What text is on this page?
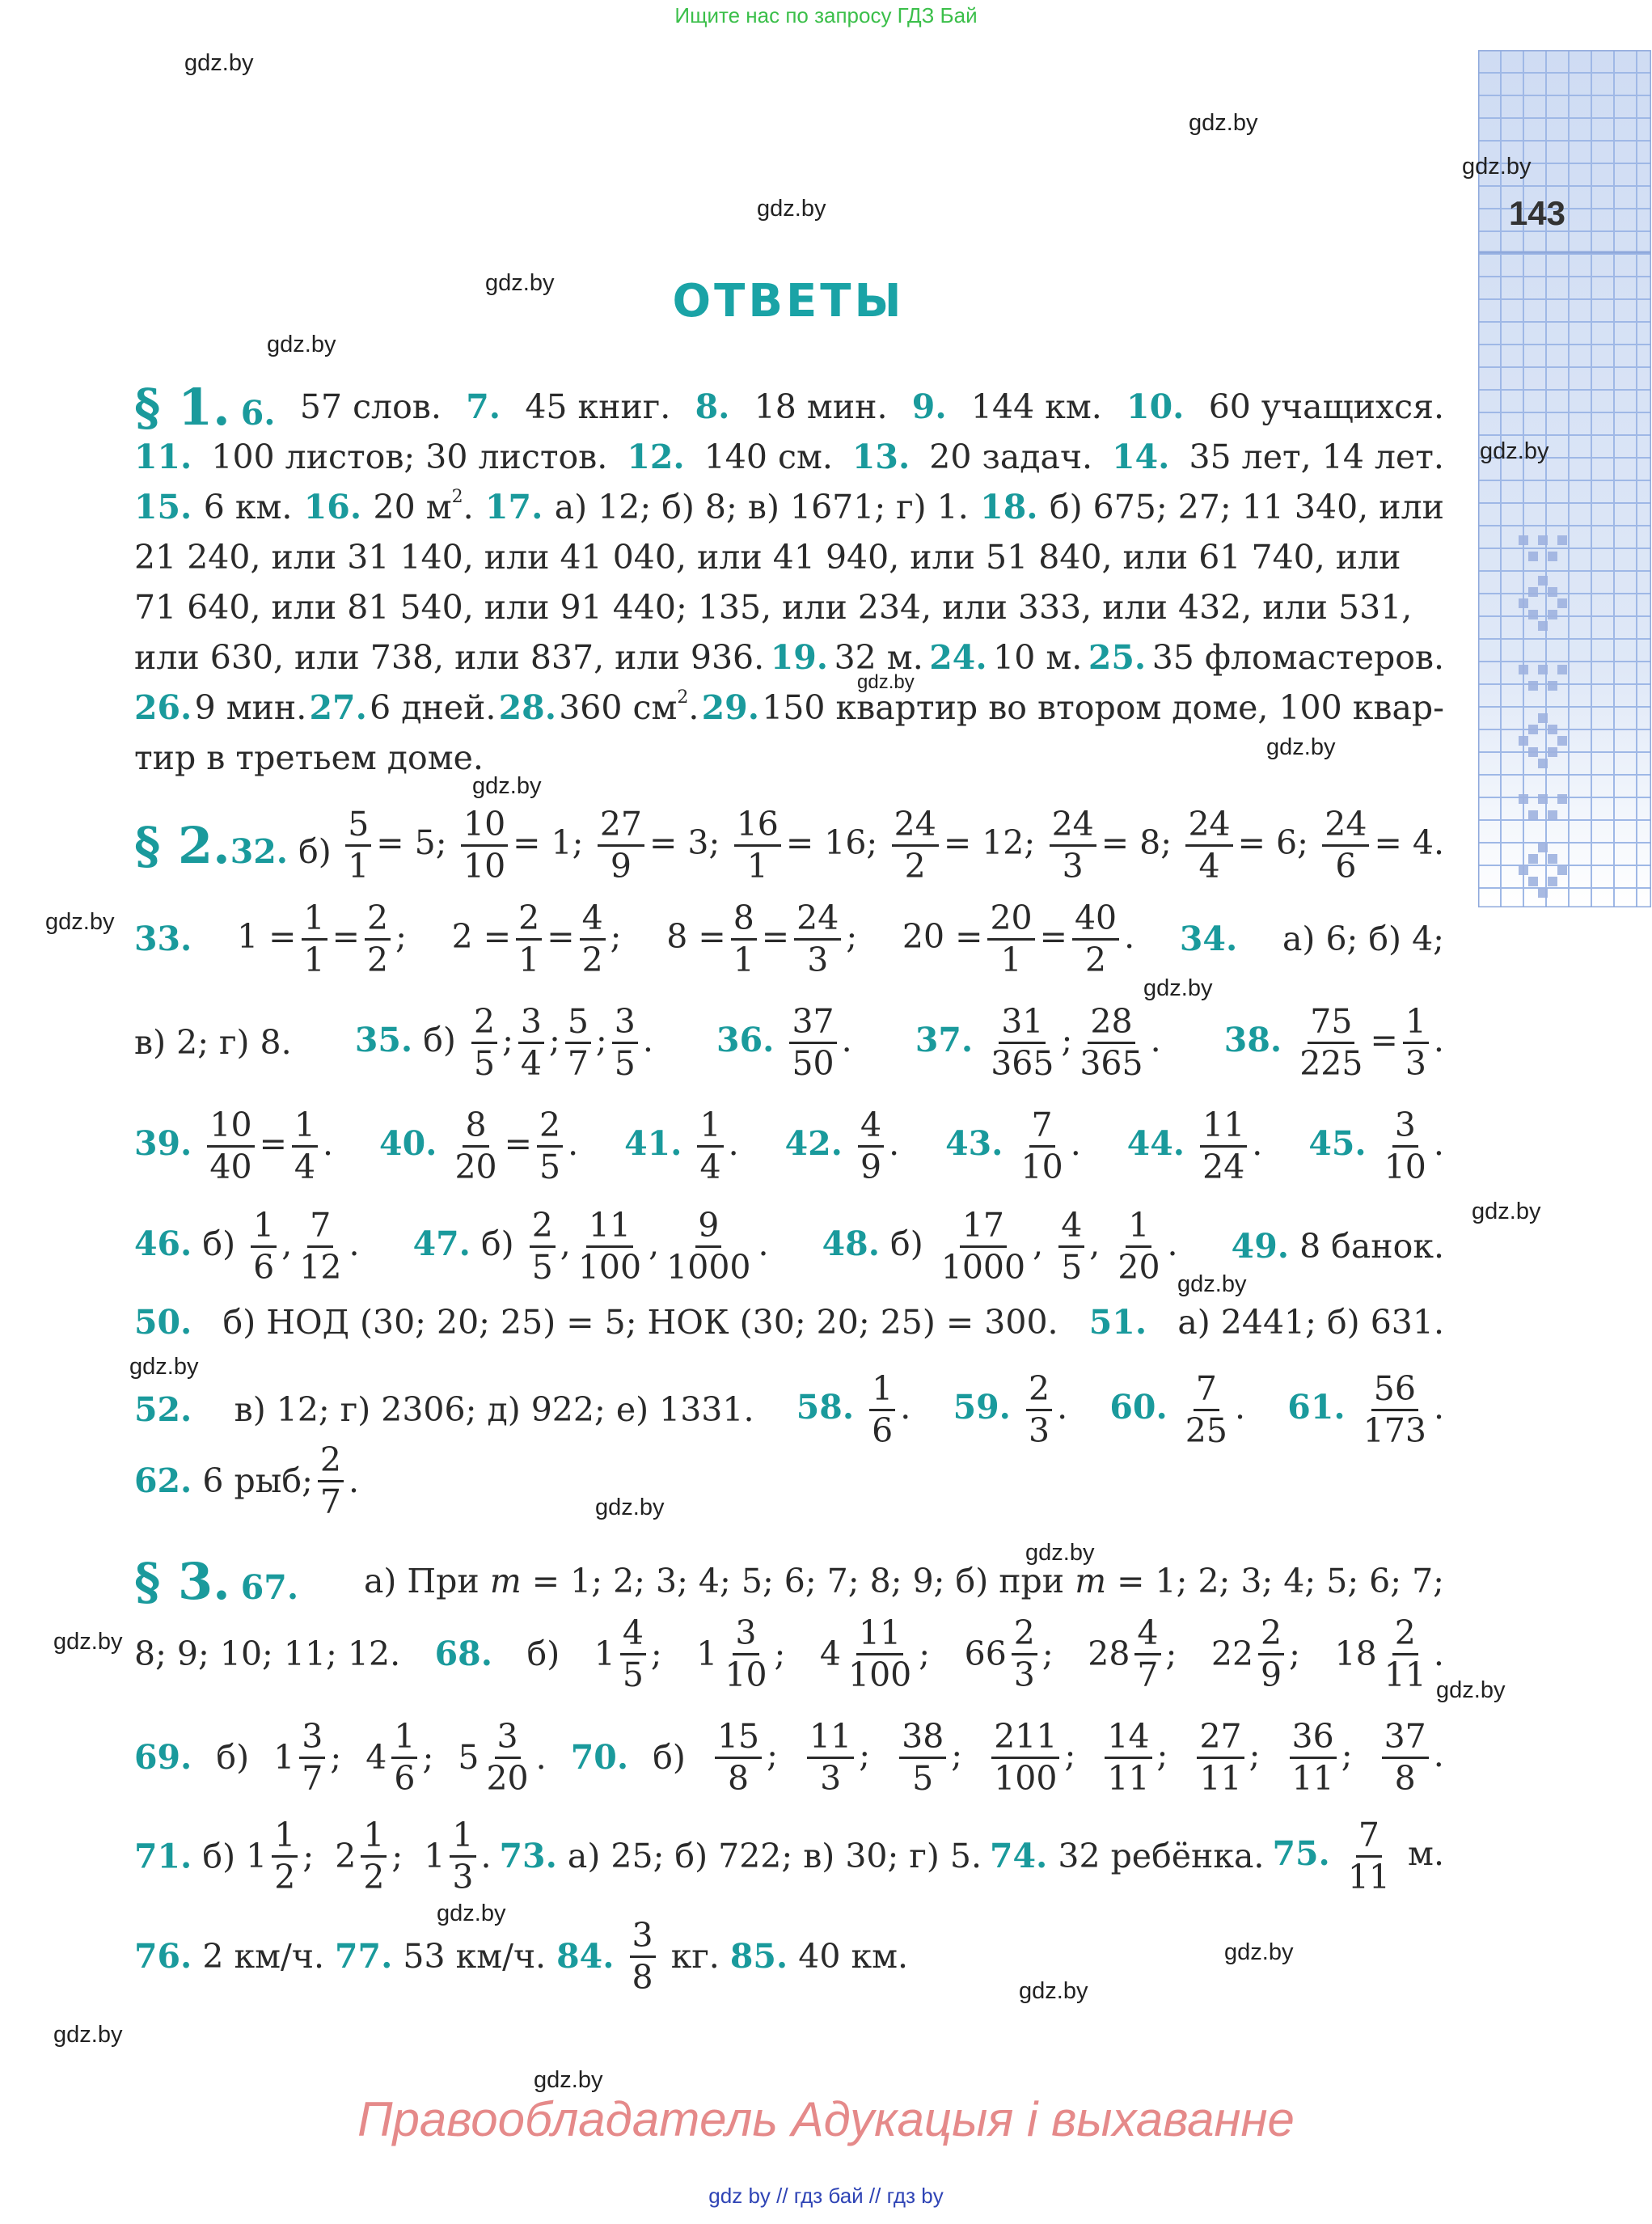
Ищите нас по запросу ГДЗ Бай
143
gdz.by
gdz.by
gdz.by
gdz.by
gdz.by
gdz.by
gdz.by
gdz.by
gdz.by
gdz.by
gdz.by
gdz.by
gdz.by
gdz.by
gdz.by
gdz.by
gdz.by
gdz.by
gdz.by
gdz.by
gdz.by
gdz.by
gdz.by
gdz.by
ОТВЕТЫ
§ 1. 6. 57 слов. 7. 45 книг. 8. 18 мин. 9. 144 км. 10. 60 учащихся.
11. 100 листов; 30 листов. 12. 140 см. 13. 20 задач. 14. 35 лет, 14 лет.
15. 6 км. 16. 20 $м^2$. 17. а) 12; б) 8; в) 1671; г) 1. 18. б) 675; 27; 11 340, или
21 240, или 31 140, или 41 040, или 41 940, или 51 840, или 61 740, или
71 640, или 81 540, или 91 440; 135, или 234, или 333, или 432, или 531,
или 630, или 738, или 837, или 936. 19. 32 м. 24. 10 м. 25. 35 фломастеров.
26. 9 мин. 27. 6 дней. 28. 360 $см^2$. 29. 150 квартир во втором доме, 100 квар-
тир в третьем доме.
§ 2.32. $б) \frac{5}{1} = 5$; $\frac{10}{10} = 1$; $\frac{27}{9} = 3$; $\frac{16}{1} = 16$; $\frac{24}{2} = 12$; $\frac{24}{3} = 8$; $\frac{24}{4} = 6$; $\frac{24}{6} = 4$.
33. $1 = \frac{1}{1} = \frac{2}{2}$ ; $2 = \frac{2}{1} = \frac{4}{2}$ ; $8 = \frac{8}{1} = \frac{24}{3}$ ; $20 = \frac{20}{1} = \frac{40}{2}$ . 34. а) 6; б) 4;
в) 2; г) 8. 35. $б) \frac{2}{5}$ ; $\frac{3}{4}$ ; $\frac{5}{7}$ ; $\frac{3}{5}$ . 36. $\frac{37}{50}$ . 37. $\frac{31}{365}$ ; $\frac{28}{365}$ . 38. $\frac{75}{225} = \frac{1}{3}$ .
39. $\frac{10}{40} = \frac{1}{4}$ . 40. $\frac{8}{20} = \frac{2}{5}$ . 41. $\frac{1}{4}$ . 42. $\frac{4}{9}$ . 43. $\frac{7}{10}$ . 44. $\frac{11}{24}$ . 45. $\frac{3}{10}$ .
46. $б) \frac{1}{6}$ , $\frac{7}{12}$ . 47. $б) \frac{2}{5}$ , $\frac{11}{100}$ , $\frac{9}{1000}$ . 48. $б) \frac{17}{1000}$ , $\frac{4}{5}$ , $\frac{1}{20}$ . 49. 8 банок.
50. б) НОД (30; 20; 25) = 5; НОК (30; 20; 25) = 300. 51. а) 2441; б) 631.
52. в) 12; г) 2306; д) 922; е) 1331. 58. $\frac{1}{6}$ . 59. $\frac{2}{3}$ . 60. $\frac{7}{25}$ . 61. $\frac{56}{173}$ .
62.
6 рыб; $\frac{2}{7}$ .
§ 3. 67. а) При m = 1; 2; 3; 4; 5; 6; 7; 8; 9; б) при m = 1; 2; 3; 4; 5; 6; 7;
8; 9; 10; 11; 12. 68. б) $1 \frac{4}{5}$ ; $1 \frac{3}{10}$ ; $4 \frac{11}{100}$ ; $66 \frac{2}{3}$ ; $28 \frac{4}{7}$ ; $22 \frac{2}{9}$ ; $18 \frac{2}{11}$ .
69. б) $1 \frac{3}{7}$ ; $4 \frac{1}{6}$ ; $5 \frac{3}{20}$ . 70. $б) \frac{15}{8}$ ; $\frac{11}{3}$ ; $\frac{38}{5}$ ; $\frac{211}{100}$ ; $\frac{14}{11}$ ; $\frac{27}{11}$ ; $\frac{36}{11}$ ; $\frac{37}{8}$ .
71. б) $1 \frac{1}{2}$ ; $2 \frac{1}{2}$ ; $1 \frac{1}{3}$ . 73. а) 25; б) 722; в) 30; г) 5. 74. 32 ребёнка. 75. $\frac{7}{11} м$.
76.
2 км/ч.
77.
53 км/ч.
84.
$\frac{3}{8}$
кг.
85.
40 км.
Правообладатель Адукацыя і выхаванне
gdz by // гдз бай // гдз by
